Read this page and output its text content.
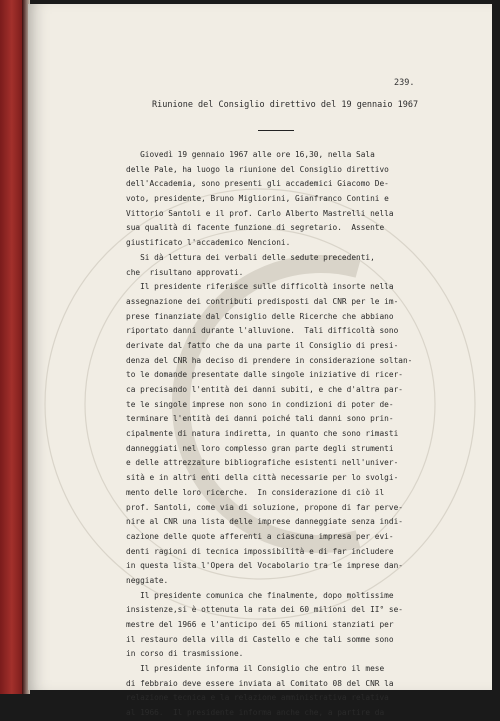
239.
Riunione del Consiglio direttivo del 19 gennaio 1967
Giovedì 19 gennaio 1967 alle ore 16,30, nella Sala
delle Pale, ha luogo la riunione del Consiglio direttivo
dell'Accademia, sono presenti gli accademici Giacomo De-
voto, presidente, Bruno Migliorini, Gianfranco Contini e
Vittorio Santoli e il prof. Carlo Alberto Mastrelli nella
sua qualità di facente funzione di segretario.  Assente
giustificato l'accademico Nencioni.
Si dà lettura dei verbali delle sedute precedenti,
che  risultano approvati.
Il presidente riferisce sulle difficoltà insorte nella
assegnazione dei contributi predisposti dal CNR per le im-
prese finanziate dal Consiglio delle Ricerche che abbiano
riportato danni durante l'alluvione.  Tali difficoltà sono
derivate dal fatto che da una parte il Consiglio di presi-
denza del CNR ha deciso di prendere in considerazione soltan-
to le domande presentate dalle singole iniziative di ricer-
ca precisando l'entità dei danni subiti, e che d'altra par-
te le singole imprese non sono in condizioni di poter de-
terminare l'entità dei danni poiché tali danni sono prin-
cipalmente di natura indiretta, in quanto che sono rimasti
danneggiati nel loro complesso gran parte degli strumenti
e delle attrezzature bibliografiche esistenti nell'univer-
sità e in altri enti della città necessarie per lo svolgi-
mento delle loro ricerche.  In considerazione di ciò il
prof. Santoli, come via di soluzione, propone di far perve-
nire al CNR una lista delle imprese danneggiate senza indi-
cazione delle quote afferenti a ciascuna impresa per evi-
denti ragioni di tecnica impossibilità e di far includere
in questa lista l'Opera del Vocabolario tra le imprese dan-
neggiate.
Il presidente comunica che finalmente, dopo moltissime
insistenze,si è ottenuta la rata dei 60 milioni del II° se-
mestre del 1966 e l'anticipo dei 65 milioni stanziati per
il restauro della villa di Castello e che tali somme sono
in corso di trasmissione.
Il presidente informa il Consiglio che entro il mese
di febbraio deve essere inviata al Comitato 08 del CNR la
relazione tecnica e la relazione amministrativa relativa
al 1966.  Il presidente informa anche che, a partire da
